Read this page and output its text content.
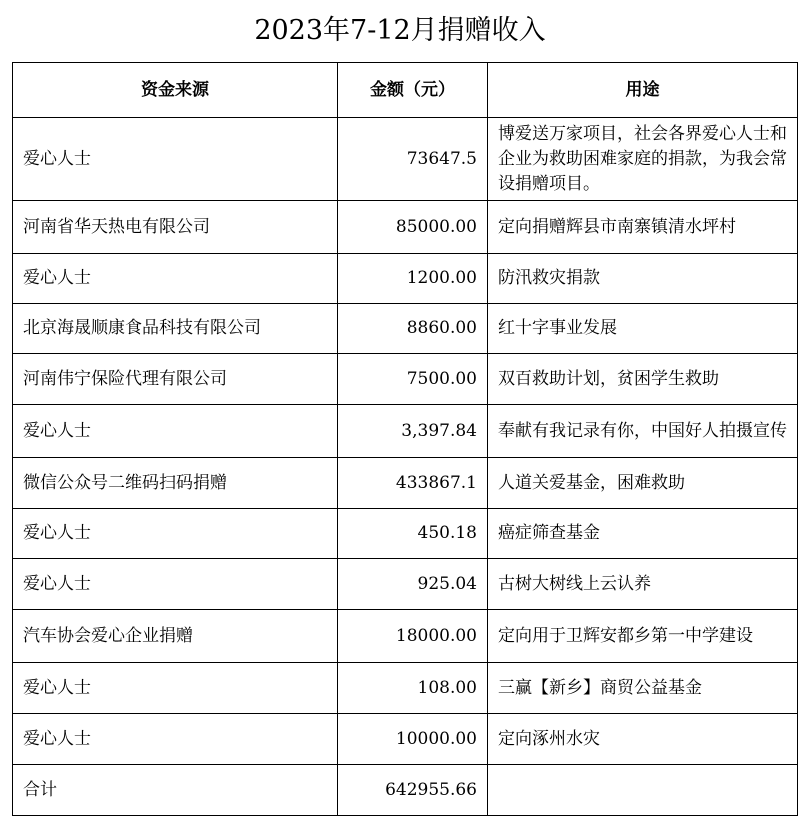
2023年7-12月捐赠收入
资金来源	金额（元）	用途
爱心人士	73647.5	博爱送万家项目，社会各界爱心人士和企业为救助困难家庭的捐款，为我会常设捐赠项目。
河南省华天热电有限公司	85000.00	定向捐赠辉县市南寨镇清水坪村
爱心人士	1200.00	防汛救灾捐款
北京海晟顺康食品科技有限公司	8860.00	红十字事业发展
河南伟宁保险代理有限公司	7500.00	双百救助计划，贫困学生救助
爱心人士	3,397.84	奉献有我记录有你，中国好人拍摄宣传
微信公众号二维码扫码捐赠	433867.1	人道关爱基金，困难救助
爱心人士	450.18	癌症筛查基金
爱心人士	925.04	古树大树线上云认养
汽车协会爱心企业捐赠	18000.00	定向用于卫辉安都乡第一中学建设
爱心人士	108.00	三赢【新乡】商贸公益基金
爱心人士	10000.00	定向涿州水灾
合计	642955.66	
